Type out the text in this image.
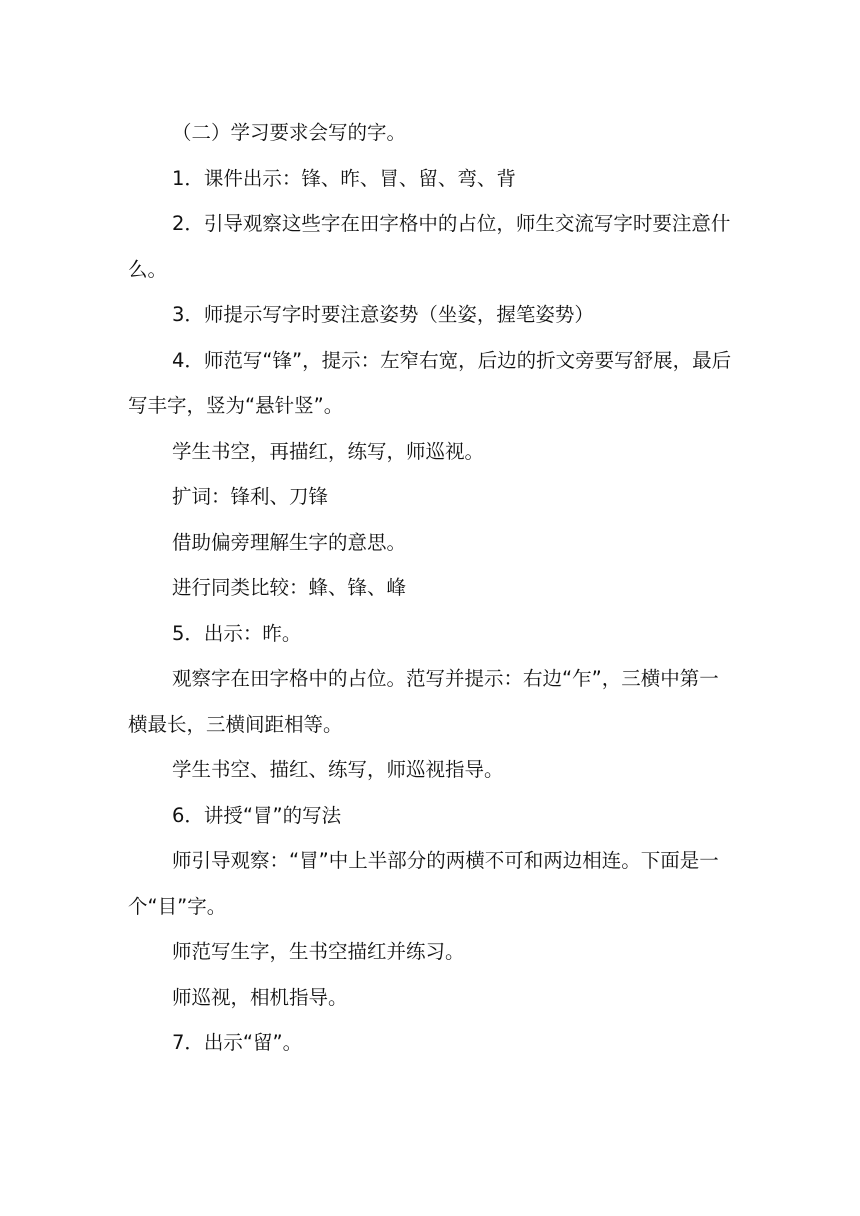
（二）学习要求会写的字。

1．课件出示：锋、昨、冒、留、弯、背

2．引导观察这些字在田字格中的占位，师生交流写字时要注意什么。

3．师提示写字时要注意姿势（坐姿，握笔姿势）

4．师范写“锋”，提示：左窄右宽，后边的折文旁要写舒展，最后写丰字，竖为“悬针竖”。

学生书空，再描红，练写，师巡视。

扩词：锋利、刀锋

借助偏旁理解生字的意思。

进行同类比较：蜂、锋、峰

5．出示：昨。

观察字在田字格中的占位。范写并提示：右边“乍”，三横中第一横最长，三横间距相等。

学生书空、描红、练写，师巡视指导。

6．讲授“冒”的写法

师引导观察：“冒”中上半部分的两横不可和两边相连。下面是一个“目”字。

师范写生字，生书空描红并练习。

师巡视，相机指导。

7．出示“留”。
